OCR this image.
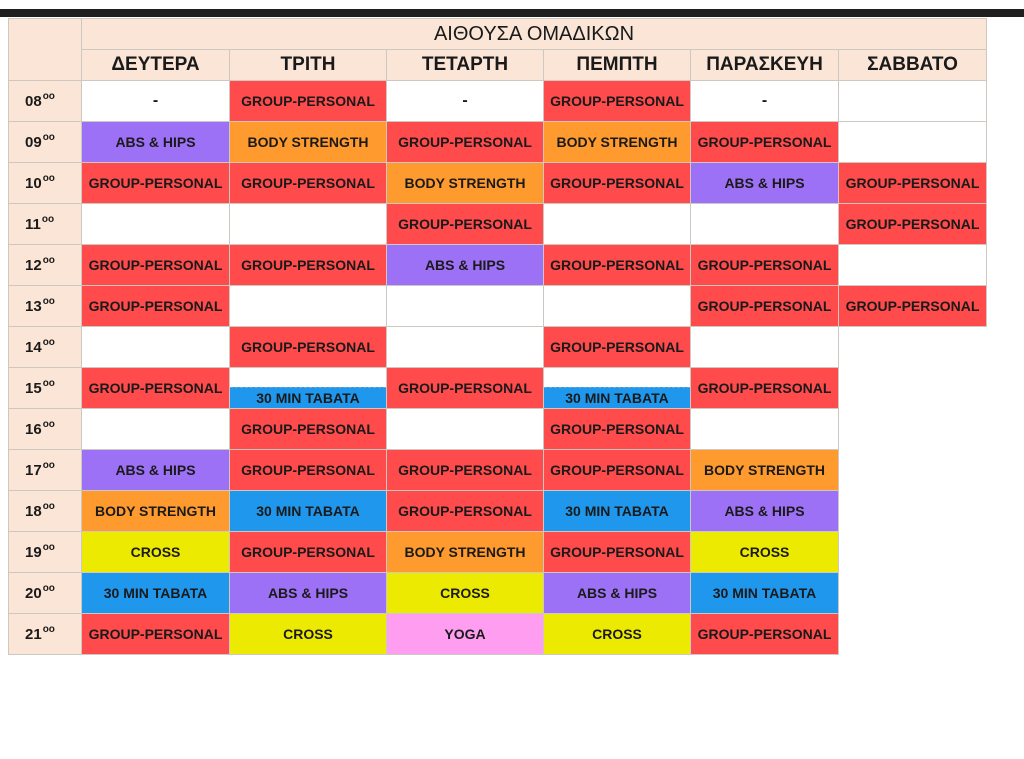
	ΑΙΘΟΥΣΑ ΟΜΑΔΙΚΩΝ					
	ΔΕΥΤΕΡΑ	ΤΡΙΤΗ	ΤΕΤΑΡΤΗ	ΠΕΜΠΤΗ	ΠΑΡΑΣΚΕΥΗ	ΣΑΒΒΑΤΟ
$08^{oo}$	-	GROUP-PERSONAL	-	GROUP-PERSONAL	-	
$09^{oo}$	ABS & HIPS	BODY STRENGTH	GROUP-PERSONAL	BODY STRENGTH	GROUP-PERSONAL	
$10^{oo}$	GROUP-PERSONAL	GROUP-PERSONAL	BODY STRENGTH	GROUP-PERSONAL	ABS & HIPS	GROUP-PERSONAL
$11^{oo}$			GROUP-PERSONAL			GROUP-PERSONAL
$12^{oo}$	GROUP-PERSONAL	GROUP-PERSONAL	ABS & HIPS	GROUP-PERSONAL	GROUP-PERSONAL	
$13^{oo}$	GROUP-PERSONAL				GROUP-PERSONAL	GROUP-PERSONAL
$14^{oo}$		GROUP-PERSONAL		GROUP-PERSONAL		
$15^{oo}$	GROUP-PERSONAL	30 MIN TABATA	GROUP-PERSONAL	30 MIN TABATA	GROUP-PERSONAL	
$16^{oo}$		GROUP-PERSONAL		GROUP-PERSONAL		
$17^{oo}$	ABS & HIPS	GROUP-PERSONAL	GROUP-PERSONAL	GROUP-PERSONAL	BODY STRENGTH	
$18^{oo}$	BODY STRENGTH	30 MIN TABATA	GROUP-PERSONAL	30 MIN TABATA	ABS & HIPS	
$19^{oo}$	CROSS	GROUP-PERSONAL	BODY STRENGTH	GROUP-PERSONAL	CROSS	
$20^{oo}$	30 MIN TABATA	ABS & HIPS	CROSS	ABS & HIPS	30 MIN TABATA	
$21^{oo}$	GROUP-PERSONAL	CROSS	YOGA	CROSS	GROUP-PERSONAL	
